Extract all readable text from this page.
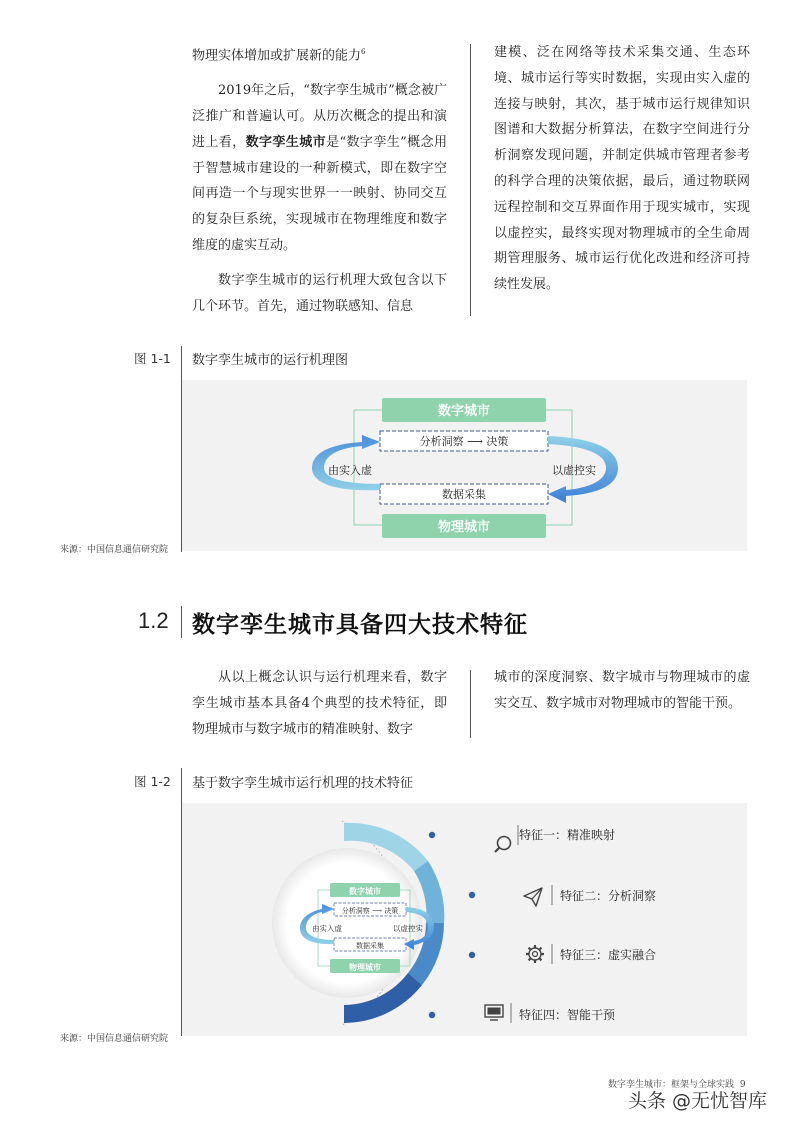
物理实体增加或扩展新的能力$^6$

2019年之后，“数字孪生城市”概念被广泛推广和普遍认可。从历次概念的提出和演进上看，数字孪生城市是“数字孪生”概念用于智慧城市建设的一种新模式，即在数字空间再造一个与现实世界一一映射、协同交互的复杂巨系统，实现城市在物理维度和数字维度的虚实互动。

数字孪生城市的运行机理大致包含以下几个环节。首先，通过物联感知、信息

建模、泛在网络等技术采集交通、生态环境、城市运行等实时数据，实现由实入虚的连接与映射，其次，基于城市运行规律知识图谱和大数据分析算法，在数字空间进行分析洞察发现问题，并制定供城市管理者参考的科学合理的决策依据，最后，通过物联网远程控制和交互界面作用于现实城市，实现以虚控实，最终实现对物理城市的全生命周期管理服务、城市运行优化改进和经济可持续性发展。

图 1-1 数字孪生城市的运行机理图
数字城市
物理城市
分析洞察 ⟶ 决策
数据采集
由实入虚	以虚控实
来源：中国信息通信研究院
1.2 数字孪生城市具备四大技术特征

从以上概念认识与运行机理来看，数字孪生城市基本具备4个典型的技术特征，即物理城市与数字城市的精准映射、数字

城市的深度洞察、数字城市与物理城市的虚实交互、数字城市对物理城市的智能干预。

图 1-2 基于数字孪生城市运行机理的技术特征
数字城市
物理城市
分析洞察 ⟶ 决策
数据采集
由实入虚	以虚控实
特征一：精准映射
特征二：分析洞察
特征三：虚实融合
特征四：智能干预
来源：中国信息通信研究院
数字孪生城市：框架与全球实践 9
头条 @无忧智库
